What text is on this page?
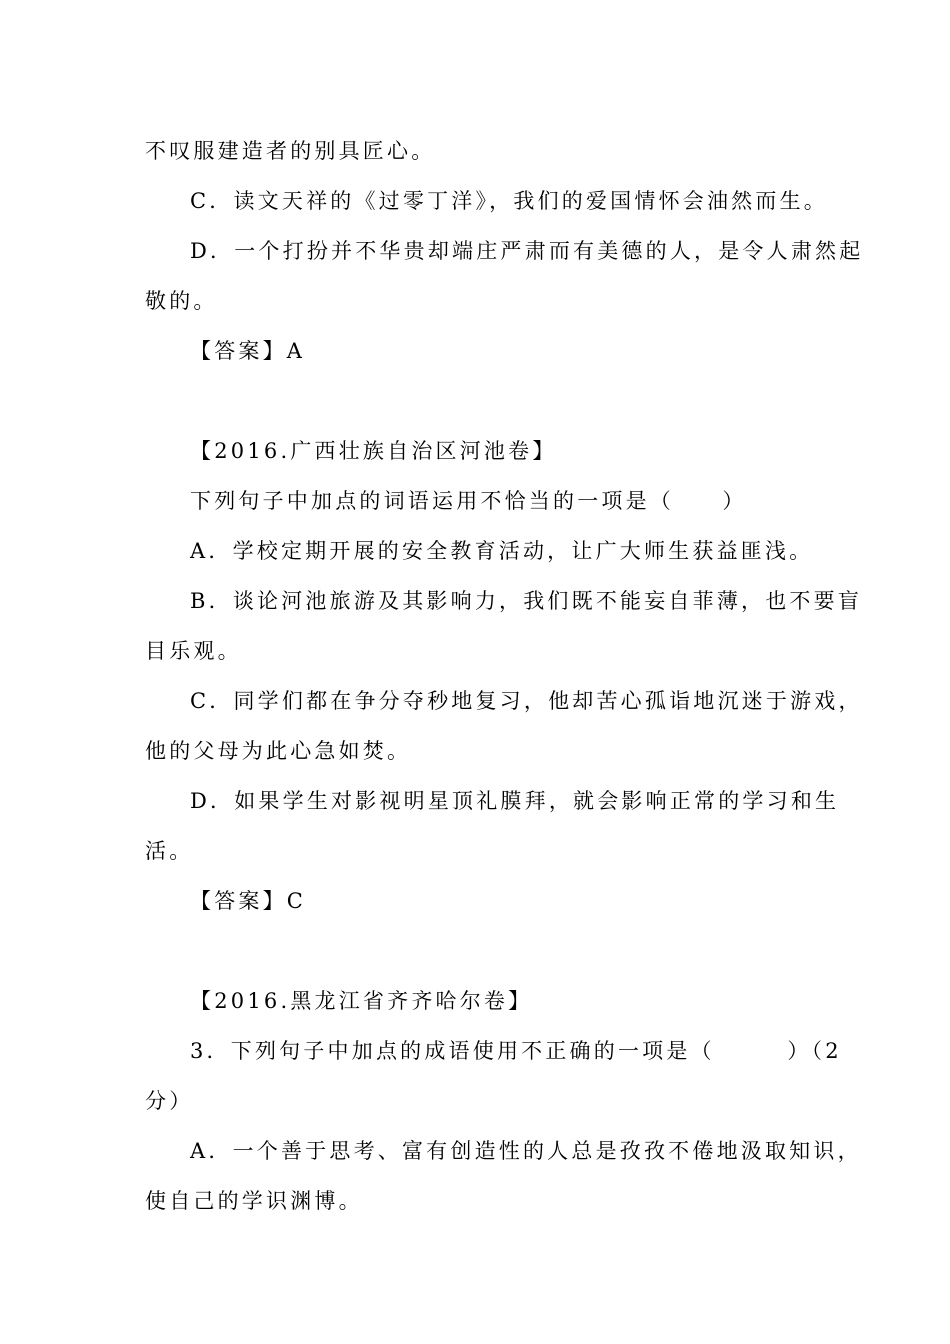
不叹服建造者的别具匠心。
C．读文天祥的《过零丁洋》，我们的爱国情怀会油然而生。
D．一个打扮并不华贵却端庄严肃而有美德的人，是令人肃然起
敬的。
【答案】A
【2016.广西壮族自治区河池卷】
下列句子中加点的词语运用不恰当的一项是（　　）
A．学校定期开展的安全教育活动，让广大师生获益匪浅。
B．谈论河池旅游及其影响力，我们既不能妄自菲薄，也不要盲
目乐观。
C．同学们都在争分夺秒地复习，他却苦心孤诣地沉迷于游戏，
他的父母为此心急如焚。
D．如果学生对影视明星顶礼膜拜，就会影响正常的学习和生
活。
【答案】C
【2016.黑龙江省齐齐哈尔卷】
3．下列句子中加点的成语使用不正确的一项是（　　　）（2
分）
A．一个善于思考、富有创造性的人总是孜孜不倦地汲取知识，
使自己的学识渊博。
